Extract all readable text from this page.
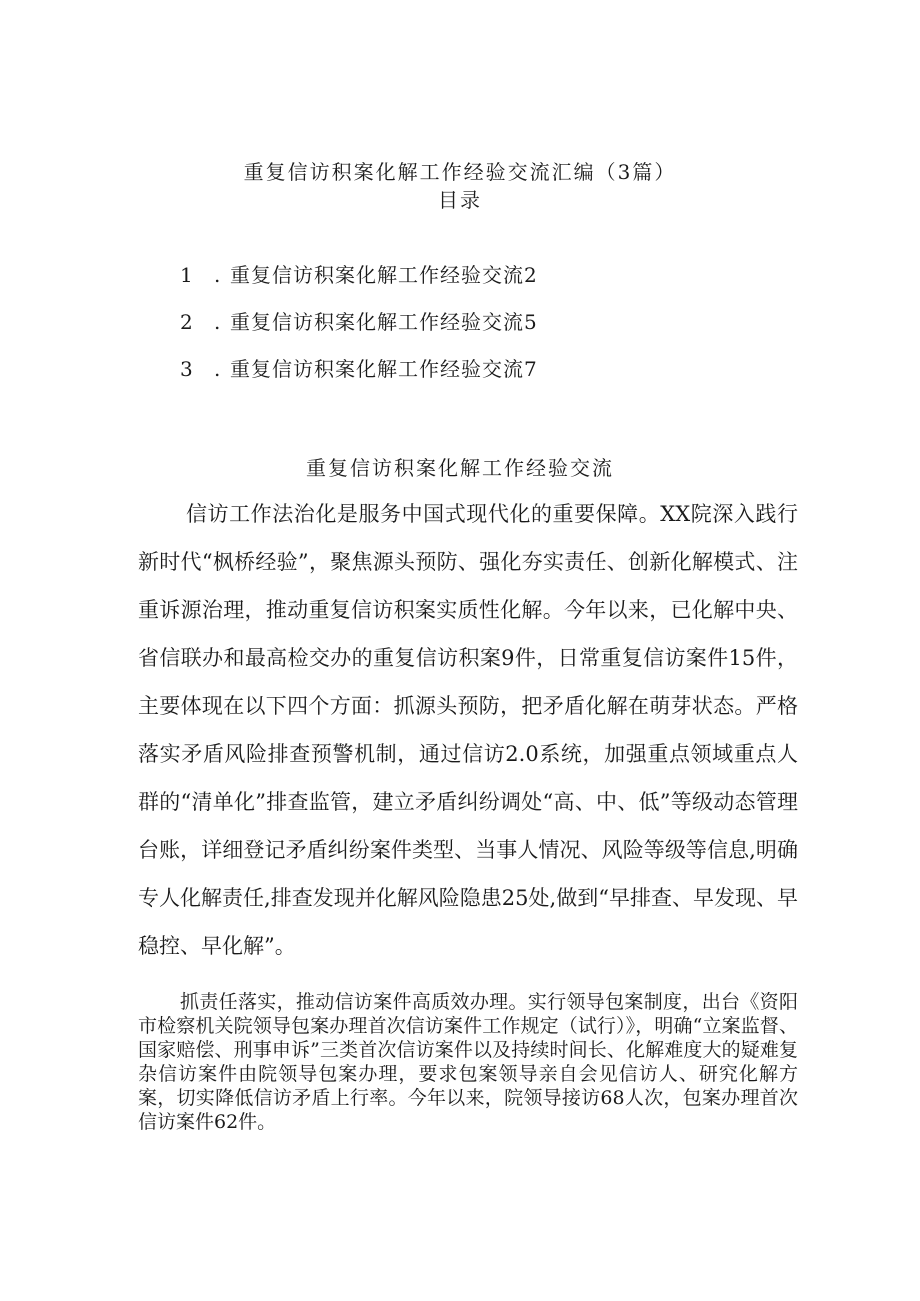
重复信访积案化解工作经验交流汇编（3篇）
目录
1 . 重复信访积案化解工作经验交流2
2 . 重复信访积案化解工作经验交流5
3 . 重复信访积案化解工作经验交流7
重复信访积案化解工作经验交流

信访工作法治化是服务中国式现代化的重要保障。XX院深入践行新时代“枫桥经验”，聚焦源头预防、强化夯实责任、创新化解模式、注重诉源治理，推动重复信访积案实质性化解。今年以来，已化解中央、省信联办和最高检交办的重复信访积案9件，日常重复信访案件15件，主要体现在以下四个方面：抓源头预防，把矛盾化解在萌芽状态。严格落实矛盾风险排查预警机制，通过信访2.0系统，加强重点领域重点人群的“清单化”排查监管，建立矛盾纠纷调处“高、中、低”等级动态管理台账，详细登记矛盾纠纷案件类型、当事人情况、风险等级等信息,明确专人化解责任,排查发现并化解风险隐患25处,做到“早排查、早发现、早稳控、早化解”。

抓责任落实，推动信访案件高质效办理。实行领导包案制度，出台《资阳市检察机关院领导包案办理首次信访案件工作规定（试行）》，明确“立案监督、国家赔偿、刑事申诉”三类首次信访案件以及持续时间长、化解难度大的疑难复杂信访案件由院领导包案办理，要求包案领导亲自会见信访人、研究化解方案，切实降低信访矛盾上行率。今年以来，院领导接访68人次，包案办理首次信访案件62件。
